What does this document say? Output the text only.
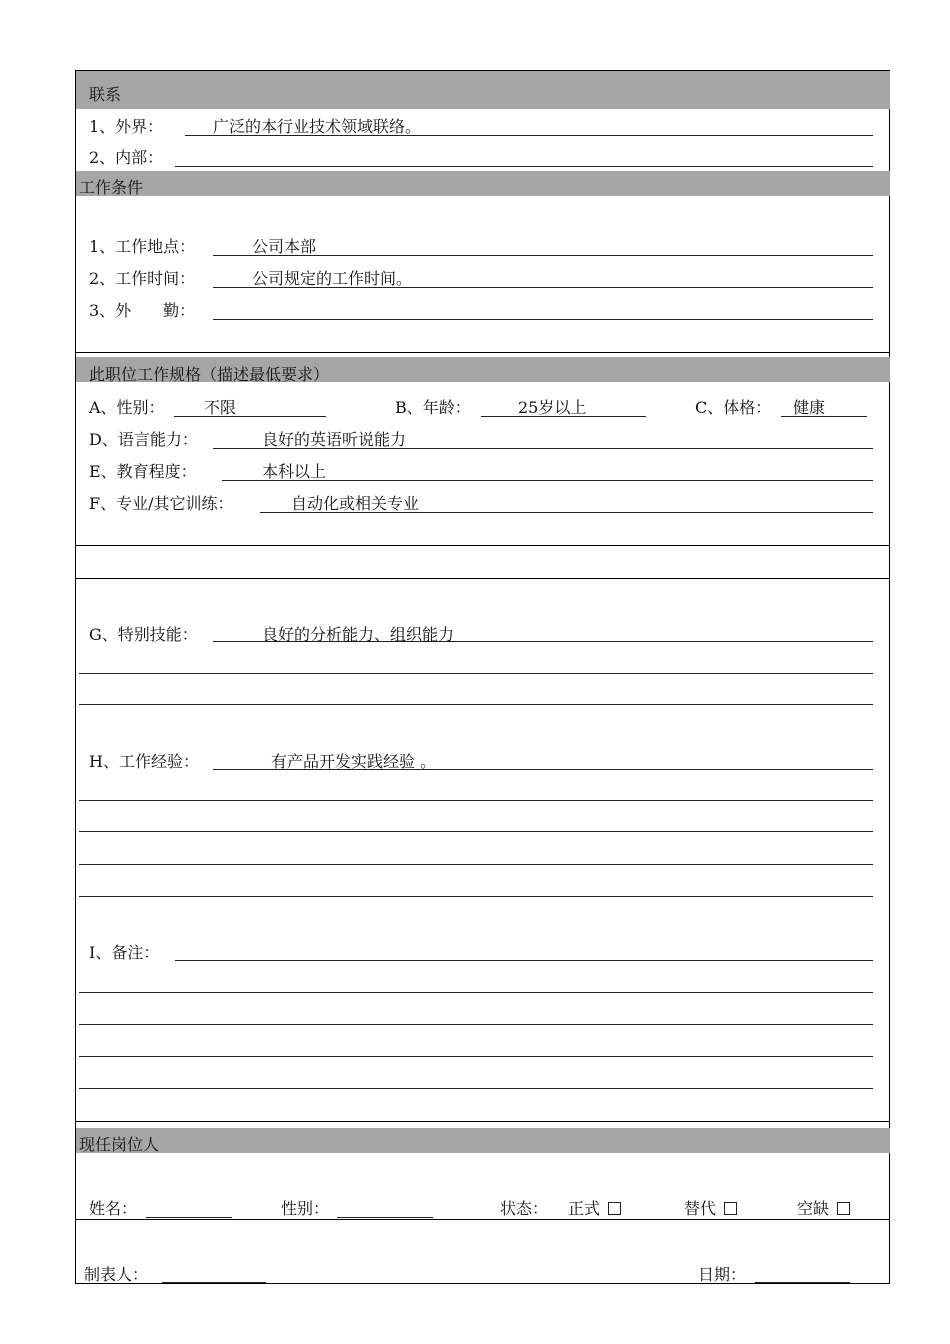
联系
1、外界：	广泛的本行业技术领域联络。
2、内部：
工作条件
1、工作地点：	公司本部
2、工作时间：	公司规定的工作时间。
3、外　　勤：
此职位工作规格（描述最低要求）
A、性别： 不限	B、年龄：	25岁以上	C、体格： 健康
D、语言能力：	良好的英语听说能力
E、教育程度：	本科以上
F、专业/其它训练：	自动化或相关专业
G、特别技能：	良好的分析能力、组织能力
H、工作经验：	有产品开发实践经验 。
I、备注：
现任岗位人
姓名：	性别：	状态： 正式	替代	空缺
制表人：	日期：
